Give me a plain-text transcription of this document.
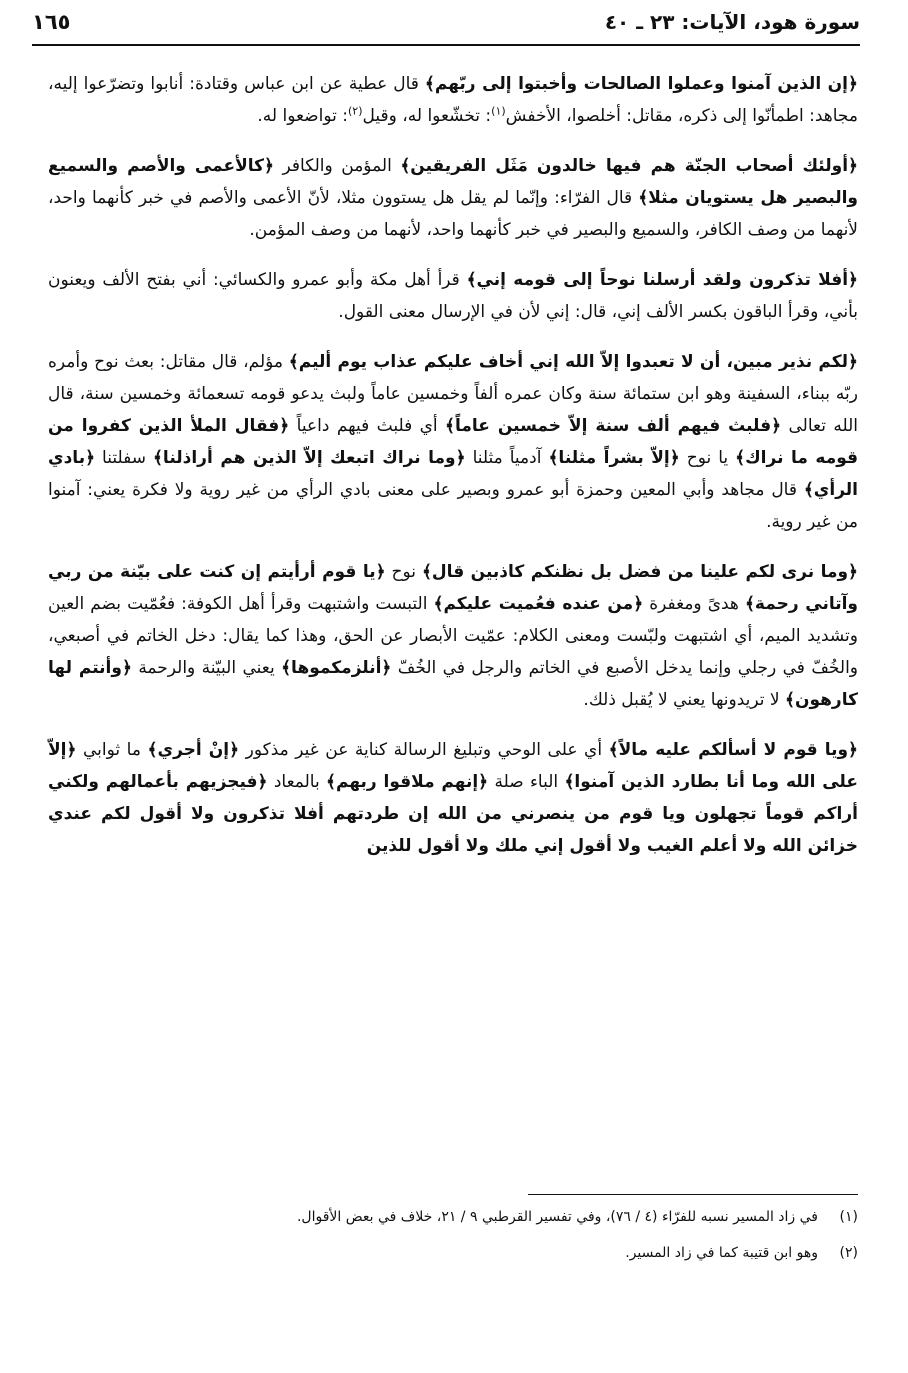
سورة هود، الآيات: ٢٣ ـ ٤٠
١٦٥

﴿إن الذين آمنوا وعملوا الصالحات وأخبتوا إلى ربّهم﴾ قال عطية عن ابن عباس وقتادة: أنابوا وتضرّعوا إليه، مجاهد: اطمأنّوا إلى ذكره، مقاتل: أخلصوا، الأخفش$^{(١)}$: تخشّعوا له، وقيل$^{(٢)}$: تواضعوا له.

﴿أولئك أصحاب الجنّة هم فيها خالدون مَثَل الفريقين﴾ المؤمن والكافر ﴿كالأعمى والأصم والسميع والبصير هل يستويان مثلا﴾ قال الفرّاء: وإنّما لم يقل هل يستوون مثلا، لأنّ الأعمى والأصم في خبر كأنهما واحد، لأنهما من وصف الكافر، والسميع والبصير في خبر كأنهما واحد، لأنهما من وصف المؤمن.

﴿أفلا تذكرون ولقد أرسلنا نوحاً إلى قومه إني﴾ قرأ أهل مكة وأبو عمرو والكسائي: أني بفتح الألف ويعنون بأني، وقرأ الباقون بكسر الألف إني، قال: إني لأن في الإرسال معنى القول.

﴿لكم نذير مبين، أن لا تعبدوا إلاّ الله إني أخاف عليكم عذاب يوم أليم﴾ مؤلم، قال مقاتل: بعث نوح وأمره ربّه ببناء، السفينة وهو ابن ستمائة سنة وكان عمره ألفاً وخمسين عاماً ولبث يدعو قومه تسعمائة وخمسين سنة، قال الله تعالى ﴿فلبث فيهم ألف سنة إلاّ خمسين عاماً﴾ أي فلبث فيهم داعياً ﴿فقال الملأ الذين كفروا من قومه ما نراك﴾ يا نوح ﴿إلاّ بشراً مثلنا﴾ آدمياً مثلنا ﴿وما نراك اتبعك إلاّ الذين هم أراذلنا﴾ سفلتنا ﴿بادي الرأي﴾ قال مجاهد وأبي المعين وحمزة أبو عمرو وبصير على معنى بادي الرأي من غير روية ولا فكرة يعني: آمنوا من غير روية.

﴿وما نرى لكم علينا من فضل بل نظنكم كاذبين قال﴾ نوح ﴿يا قوم أرأيتم إن كنت على بيّنة من ربي وآتاني رحمة﴾ هدىً ومغفرة ﴿من عنده فعُميت عليكم﴾ التبست واشتبهت وقرأ أهل الكوفة: فعُمّيت بضم العين وتشديد الميم، أي اشتبهت ولبّست ومعنى الكلام: عمّيت الأبصار عن الحق، وهذا كما يقال: دخل الخاتم في أصبعي، والخُفّ في رجلي وإنما يدخل الأصبع في الخاتم والرجل في الخُفّ ﴿أنلزمكموها﴾ يعني البيّنة والرحمة ﴿وأنتم لها كارهون﴾ لا تريدونها يعني لا يُقبل ذلك.

﴿ويا قوم لا أسألكم عليه مالاً﴾ أي على الوحي وتبليغ الرسالة كناية عن غير مذكور ﴿إنْ أجري﴾ ما ثوابي ﴿إلاّ على الله وما أنا بطارد الذين آمنوا﴾ الباء صلة ﴿إنهم ملاقوا ربهم﴾ بالمعاد ﴿فيجزيهم بأعمالهم ولكني أراكم قوماً تجهلون ويا قوم من ينصرني من الله إن طردتهم أفلا تذكرون ولا أقول لكم عندي خزائن الله ولا أعلم الغيب ولا أقول إني ملك ولا أقول للذين

(١)في زاد المسير نسبه للفرّاء (٤ / ٧٦)، وفي تفسير القرطبي ٩ / ٢١، خلاف في بعض الأقوال.
(٢)وهو ابن قتيبة كما في زاد المسير.
